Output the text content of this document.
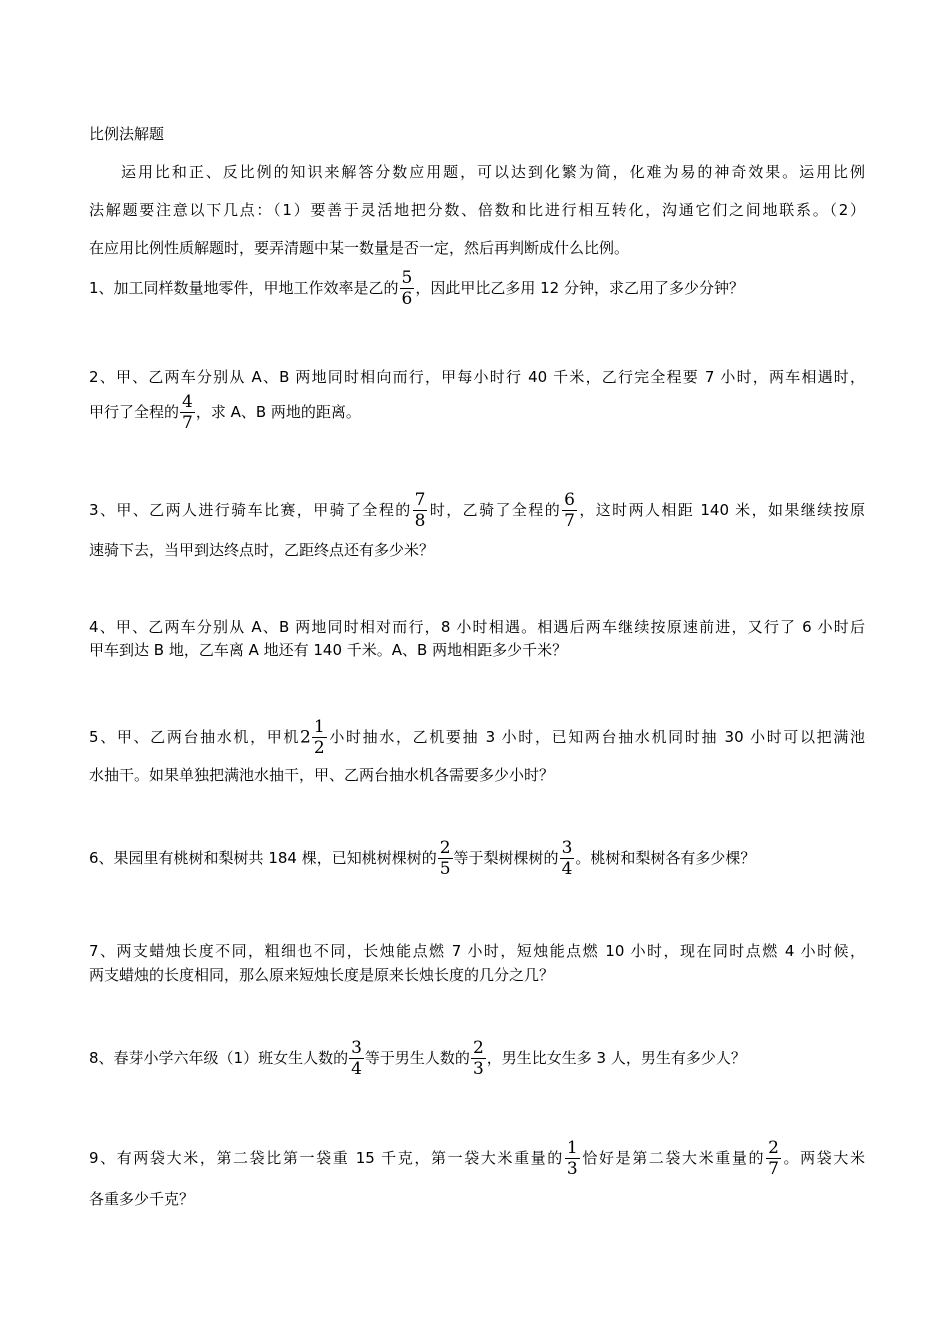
比例法解题
运用比和正、反比例的知识来解答分数应用题，可以达到化繁为简，化难为易的神奇效果。运用比例
法解题要注意以下几点：（1）要善于灵活地把分数、倍数和比进行相互转化，沟通它们之间地联系。（2）
在应用比例性质解题时，要弄清题中某一数量是否一定，然后再判断成什么比例。
1、加工同样数量地零件，甲地工作效率是乙的 $\frac{5}{6}$ ，因此甲比乙多用 12 分钟，求乙用了多少分钟？
2、甲、乙两车分别从 A、B 两地同时相向而行，甲每小时行 40 千米，乙行完全程要 7 小时，两车相遇时，
甲行了全程的 $\frac{4}{7}$ ，求 A、B 两地的距离。
3、甲、乙两人进行骑车比赛，甲骑了全程的 $\frac{7}{8}$ 时，乙骑了全程的 $\frac{6}{7}$ ，这时两人相距 140 米，如果继续按原
速骑下去，当甲到达终点时，乙距终点还有多少米？
4、甲、乙两车分别从 A、B 两地同时相对而行，8 小时相遇。相遇后两车继续按原速前进，又行了 6 小时后
甲车到达 B 地，乙车离 A 地还有 140 千米。A、B 两地相距多少千米？
5、甲、乙两台抽水机，甲机$2 \frac{1}{2}$ 小时抽水，乙机要抽 3 小时，已知两台抽水机同时抽 30 小时可以把满池
水抽干。如果单独把满池水抽干，甲、乙两台抽水机各需要多少小时？
6、果园里有桃树和梨树共 184 棵，已知桃树棵树的 $\frac{2}{5}$ 等于梨树棵树的 $\frac{3}{4}$ 。桃树和梨树各有多少棵？
7、两支蜡烛长度不同，粗细也不同，长烛能点燃 7 小时，短烛能点燃 10 小时，现在同时点燃 4 小时候，
两支蜡烛的长度相同，那么原来短烛长度是原来长烛长度的几分之几？
8、春芽小学六年级（1）班女生人数的 $\frac{3}{4}$ 等于男生人数的 $\frac{2}{3}$ ，男生比女生多 3 人，男生有多少人？
9、有两袋大米，第二袋比第一袋重 15 千克，第一袋大米重量的 $\frac{1}{3}$ 恰好是第二袋大米重量的 $\frac{2}{7}$ 。两袋大米
各重多少千克？
